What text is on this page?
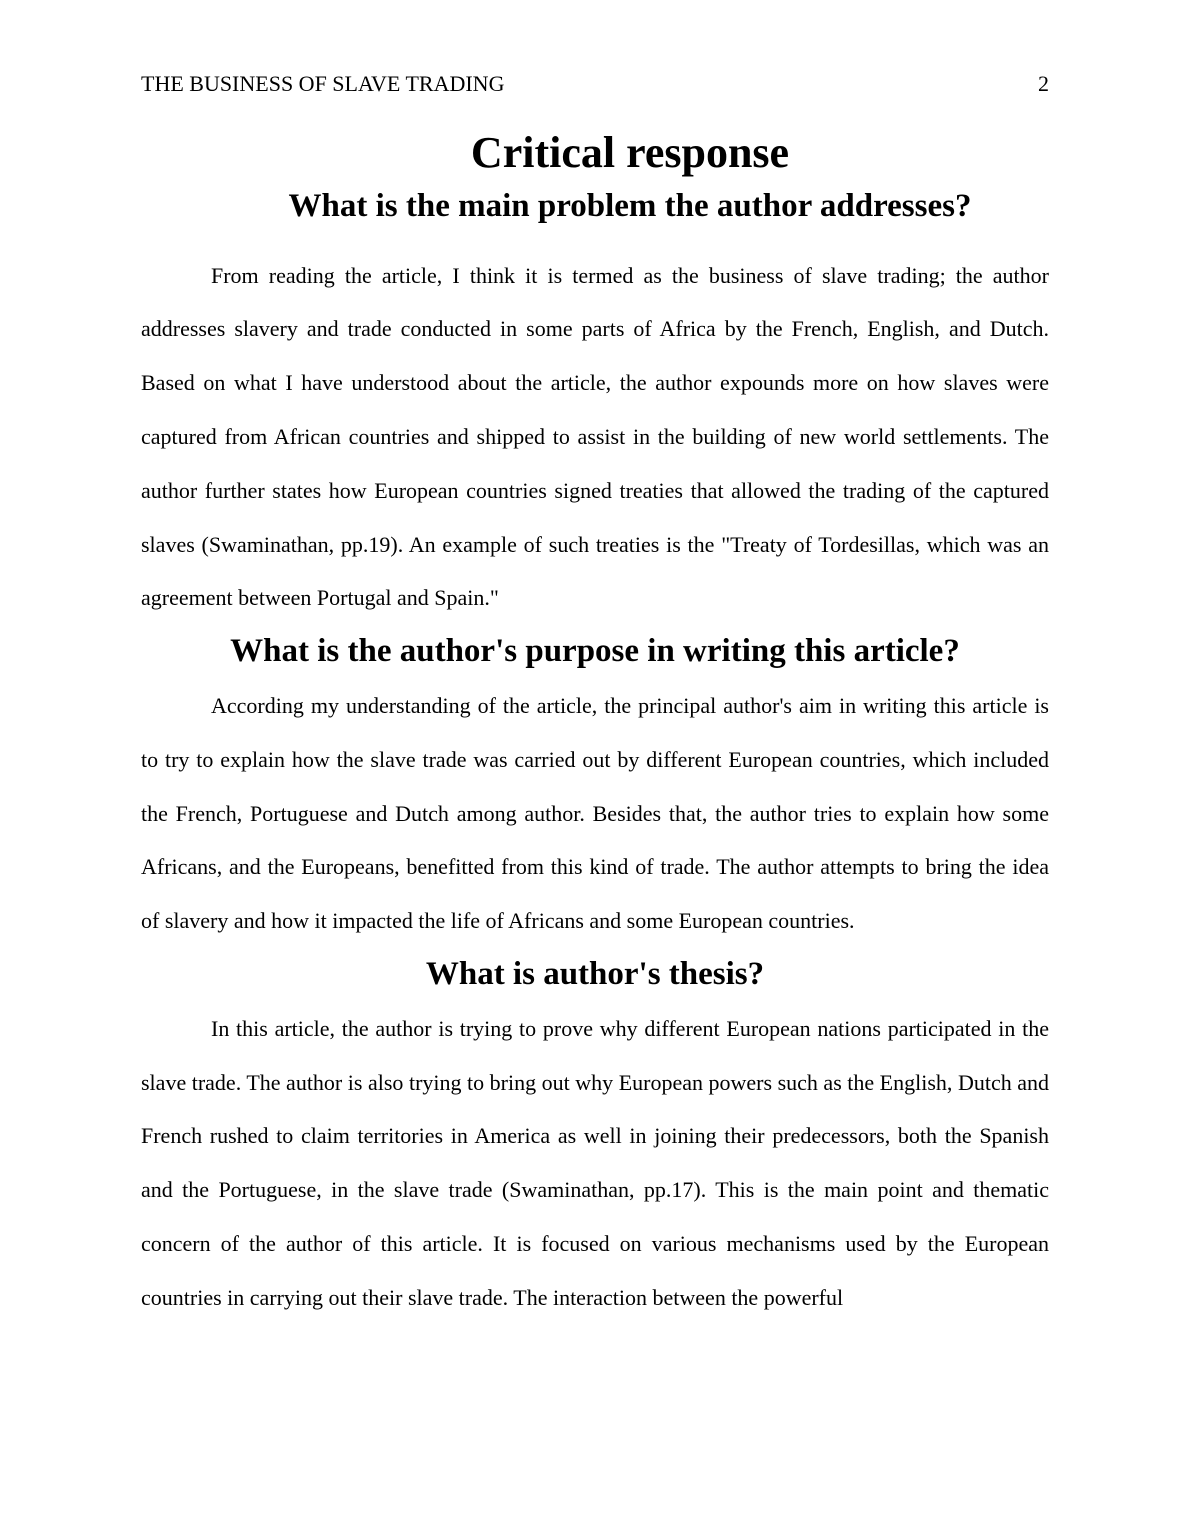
THE BUSINESS OF SLAVE TRADING	2
Critical response
What is the main problem the author addresses?

From reading the article, I think it is termed as the business of slave trading; the author addresses slavery and trade conducted in some parts of Africa by the French, English, and Dutch. Based on what I have understood about the article, the author expounds more on how slaves were captured from African countries and shipped to assist in the building of new world settlements. The author further states how European countries signed treaties that allowed the trading of the captured slaves (Swaminathan, pp.19). An example of such treaties is the "Treaty of Tordesillas, which was an agreement between Portugal and Spain."

What is the author's purpose in writing this article?

According my understanding of the article, the principal author's aim in writing this article is to try to explain how the slave trade was carried out by different European countries, which included the French, Portuguese and Dutch among author. Besides that, the author tries to explain how some Africans, and the Europeans, benefitted from this kind of trade. The author attempts to bring the idea of slavery and how it impacted the life of Africans and some European countries.

What is author's thesis?

In this article, the author is trying to prove why different European nations participated in the slave trade. The author is also trying to bring out why European powers such as the English, Dutch and French rushed to claim territories in America as well in joining their predecessors, both the Spanish and the Portuguese, in the slave trade (Swaminathan, pp.17). This is the main point and thematic concern of the author of this article. It is focused on various mechanisms used by the European countries in carrying out their slave trade. The interaction between the powerful
